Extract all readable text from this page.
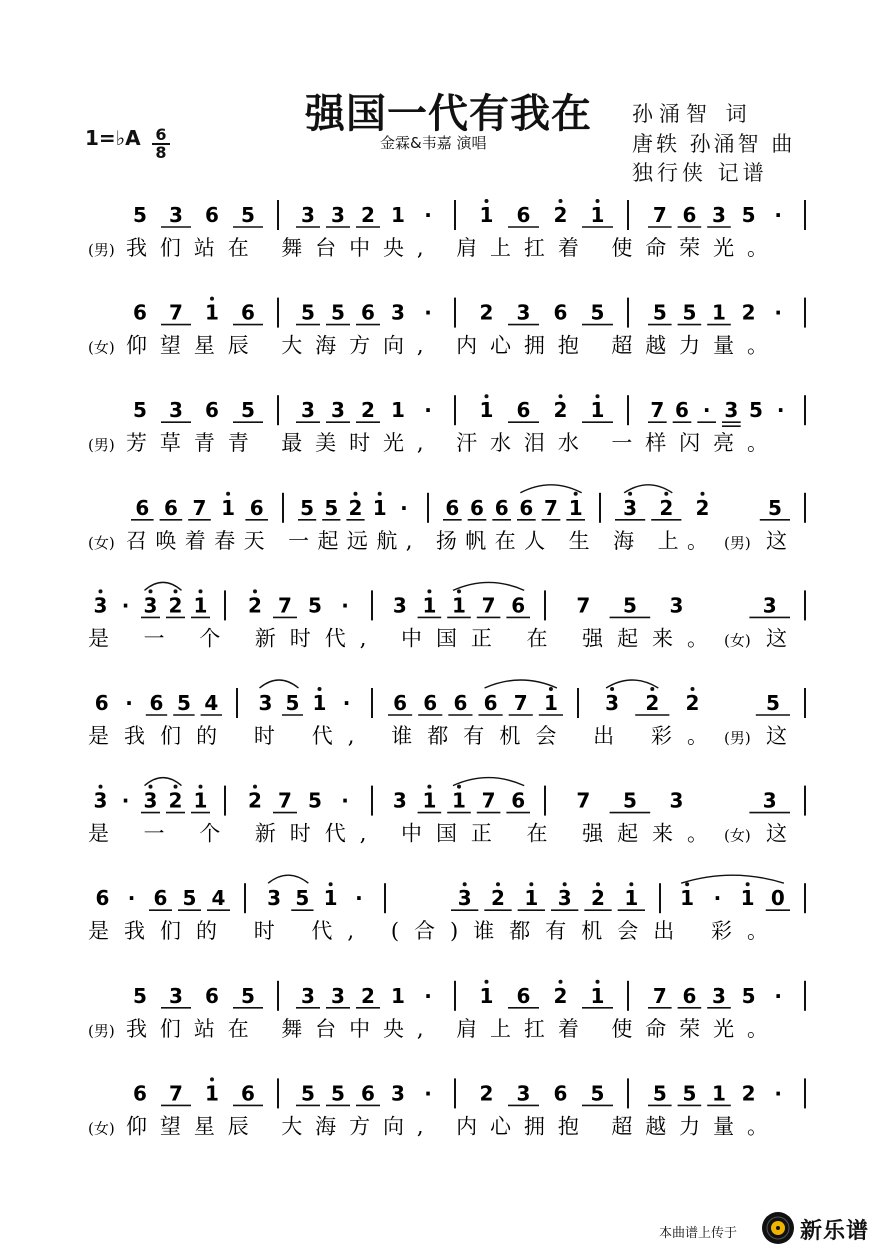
强国一代有我在
金霖&韦嘉 演唱
孙涌智 词
唐轶 孙涌智 曲
独行侠 记谱
1=♭A 6
8
5 3 6 5 3 3 2 1 · 1 6 2 1 7 6 3 5 ·
(男) 我们站在 舞台中央, 肩上扛着 使命荣光。
6 7 1 6 5 5 6 3 · 2 3 6 5 5 5 1 2 ·
(女) 仰望星辰 大海方向, 内心拥抱 超越力量。
5 3 6 5 3 3 2 1 · 1 6 2 1 7 6 · 3 5 ·
(男) 芳草青青 最美时光, 汗水泪水 一样闪亮。
6 6 7 1 6 5 5 2 1 · 6 6 6 6 7 1 3 2 2	5
(女) 召唤着春天 一起远航, 扬帆在人 生 海 上。 (男) 这
3 · 3 2 1 2 7 5 · 3 1 1 7 6	7 5 3	3
是 一 个 新时代, 中国正 在 强起来。 (女) 这
6 · 6 5 4 3 5 1 · 6 6 6 6 7 1 3 2 2	5
是我们的 时 代, 谁都有机会 出 彩。 (男) 这
3 · 3 2 1 2 7 5 · 3 1 1 7 6	7 5 3	3
是 一 个 新时代, 中国正 在 强起来。 (女) 这
6 · 6 5 4 3 5 1 ·	3 2 1 3 2 1 1 · 1 0
是我们的 时 代, (合)谁都有机会出 彩。
5 3 6 5 3 3 2 1 · 1 6 2 1 7 6 3 5 ·
(男) 我们站在 舞台中央, 肩上扛着 使命荣光。
6 7 1 6 5 5 6 3 · 2 3 6 5 5 5 1 2 ·
(女) 仰望星辰 大海方向, 内心拥抱 超越力量。
本曲谱上传于	新乐谱
